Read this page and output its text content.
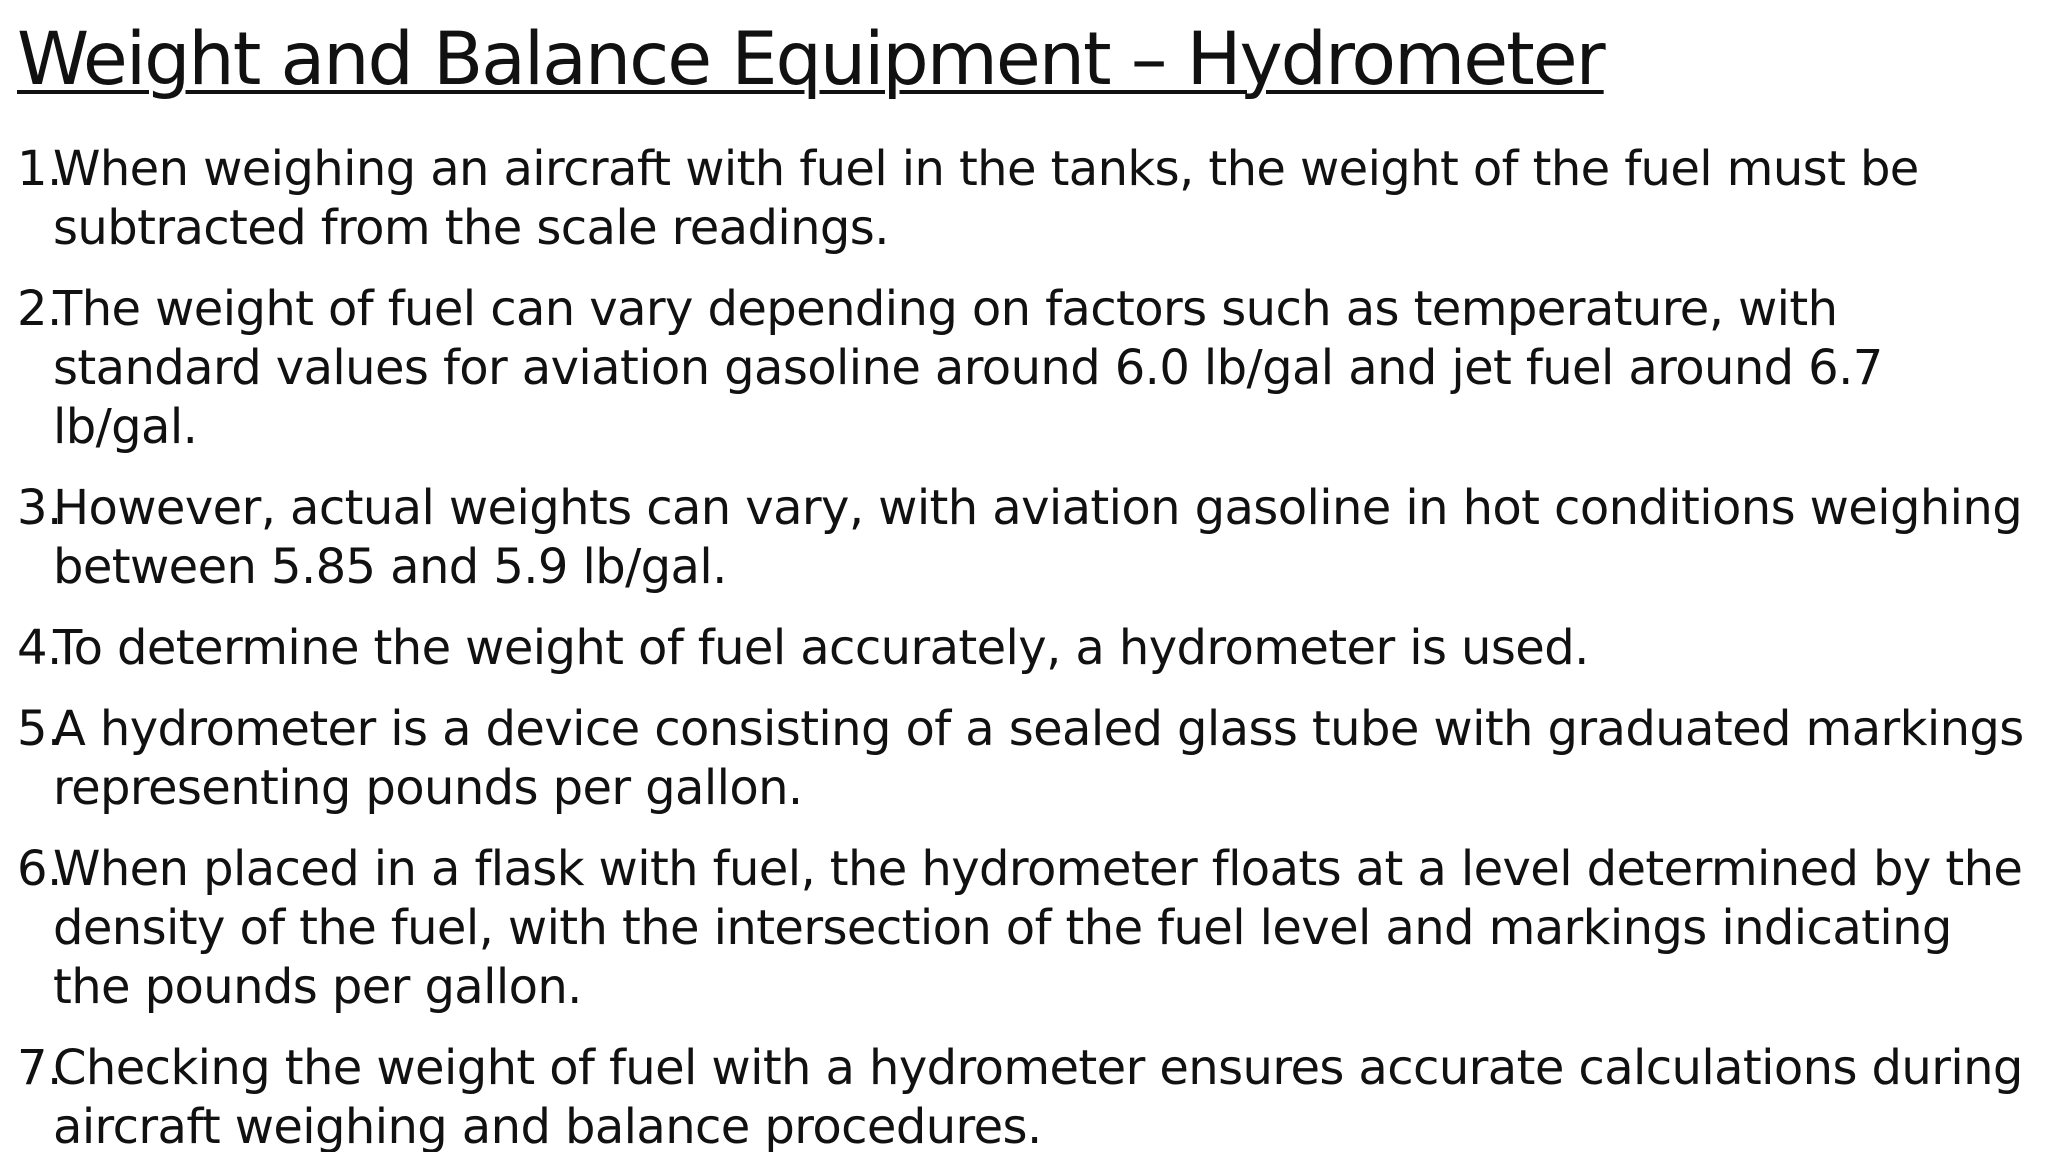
Weight and Balance Equipment – Hydrometer
1.
When weighing an aircraft with fuel in the tanks, the weight of the fuel must be subtracted from the scale readings.
2.
The weight of fuel can vary depending on factors such as temperature, with standard values for aviation gasoline around 6.0 lb/gal and jet fuel around 6.7 lb/gal.
3.
However, actual weights can vary, with aviation gasoline in hot conditions weighing between 5.85 and 5.9 lb/gal.
4.
To determine the weight of fuel accurately, a hydrometer is used.
5.
A hydrometer is a device consisting of a sealed glass tube with graduated markings representing pounds per gallon.
6.
When placed in a flask with fuel, the hydrometer floats at a level determined by the density of the fuel, with the intersection of the fuel level and markings indicating the pounds per gallon.
7.
Checking the weight of fuel with a hydrometer ensures accurate calculations during aircraft weighing and balance procedures.
